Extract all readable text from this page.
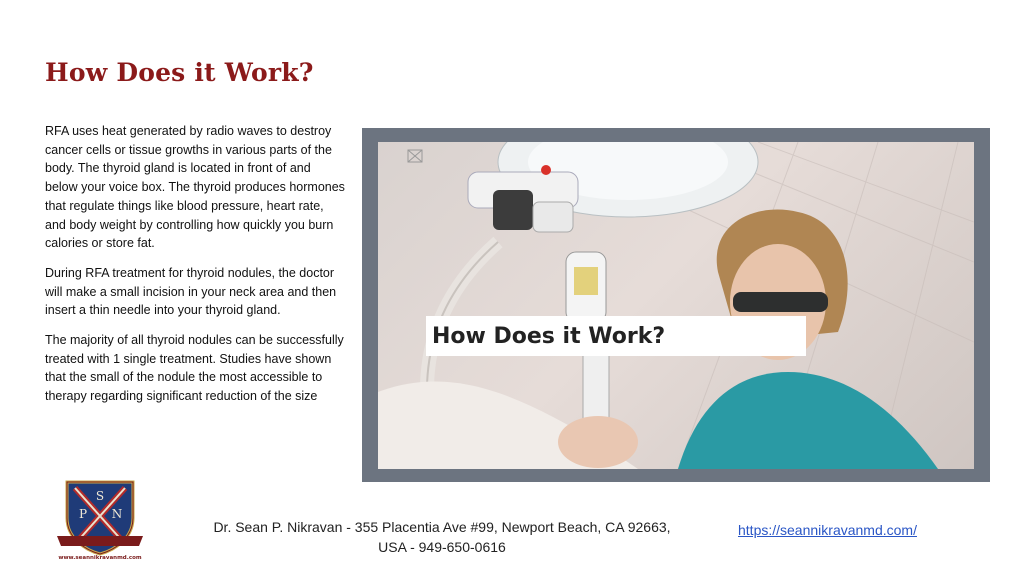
How Does it Work?

RFA uses heat generated by radio waves to destroy cancer cells or tissue growths in various parts of the body. The thyroid gland is located in front of and below your voice box. The thyroid produces hormones that regulate things like blood pressure, heart rate, and body weight by controlling how quickly you burn calories or store fat.

During RFA treatment for thyroid nodules, the doctor will make a small incision in your neck area and then insert a thin needle into your thyroid gland.

The majority of all thyroid nodules can be successfully treated with 1 single treatment. Studies have shown that the small of the nodule the most accessible to therapy regarding significant reduction of the size

How Does it Work?
S
P N
www.seannikravanmd.com
Dr. Sean P. Nikravan - 355 Placentia Ave #99, Newport Beach, CA 92663,
USA - 949-650-0616
https://seannikravanmd.com/
